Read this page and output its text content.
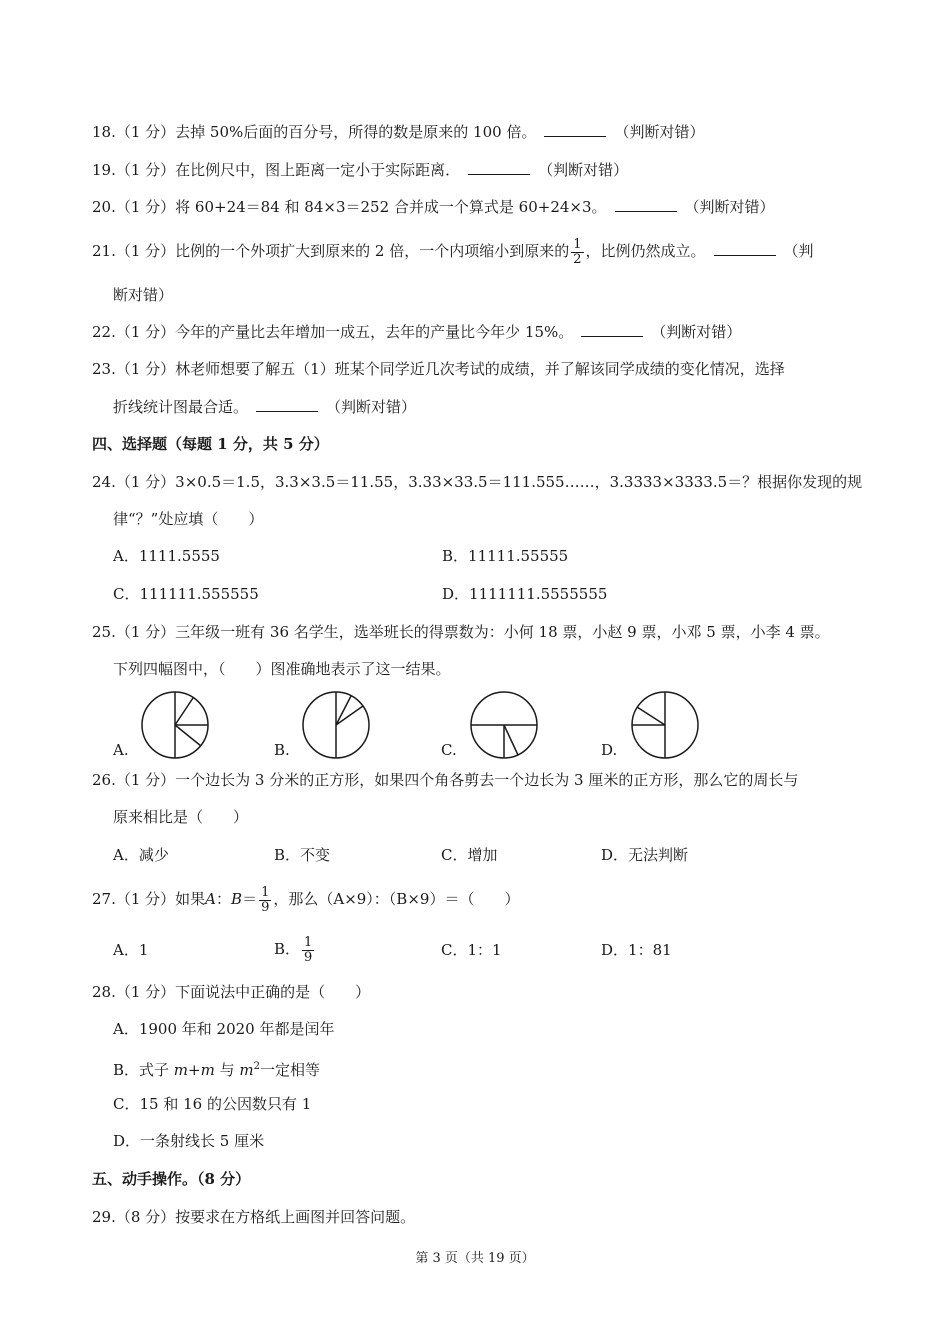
18.（1 分）去掉 50%后面的百分号，所得的数是原来的 100 倍。	（判断对错）
19.（1 分）在比例尺中，图上距离一定小于实际距离．	（判断对错）
20.（1 分）将 60+24＝84 和 84×3＝252 合并成一个算式是 60+24×3。	（判断对错）
21.（1 分）比例的一个外项扩大到原来的 2 倍，一个内项缩小到原来的 $\frac{1}{2}$ ，比例仍然成立。	（判
断对错）
22.（1 分）今年的产量比去年增加一成五，去年的产量比今年少 15%。	（判断对错）
23.（1 分）林老师想要了解五（1）班某个同学近几次考试的成绩，并了解该同学成绩的变化情况，选择
折线统计图最合适。	（判断对错）
四、选择题（每题 1 分，共 5 分）
24.（1 分）3×0.5＝1.5，3.3×3.5＝11.55，3.33×33.5＝111.555……，3.3333×3333.5＝？根据你发现的规
律“？”处应填（　　）
A．1111.5555	B．11111.55555
C．111111.555555	D．1111111.5555555
25.（1 分）三年级一班有 36 名学生，选举班长的得票数为：小何 18 票，小赵 9 票，小邓 5 票，小李 4 票。
下列四幅图中，（　　）图准确地表示了这一结果。
A.	B.	C.	D.
26.（1 分）一个边长为 3 分米的正方形，如果四个角各剪去一个边长为 3 厘米的正方形，那么它的周长与
原来相比是（　　）
A．减少	B．不变	C．增加	D．无法判断
27.（1 分）如果A：$B= \frac{1}{9}$ ，那么（A×9）：（B×9）＝（　　）
A．1	B． $\frac{1}{9}$	C．1：1	D．1：81
28.（1 分）下面说法中正确的是（　　）
A．1900 年和 2020 年都是闰年
B．式子 m+m 与 $m^2$一定相等
C．15 和 16 的公因数只有 1
D．一条射线长 5 厘米
五、动手操作。（8 分）
29.（8 分）按要求在方格纸上画图并回答问题。
第 3 页（共 19 页）
